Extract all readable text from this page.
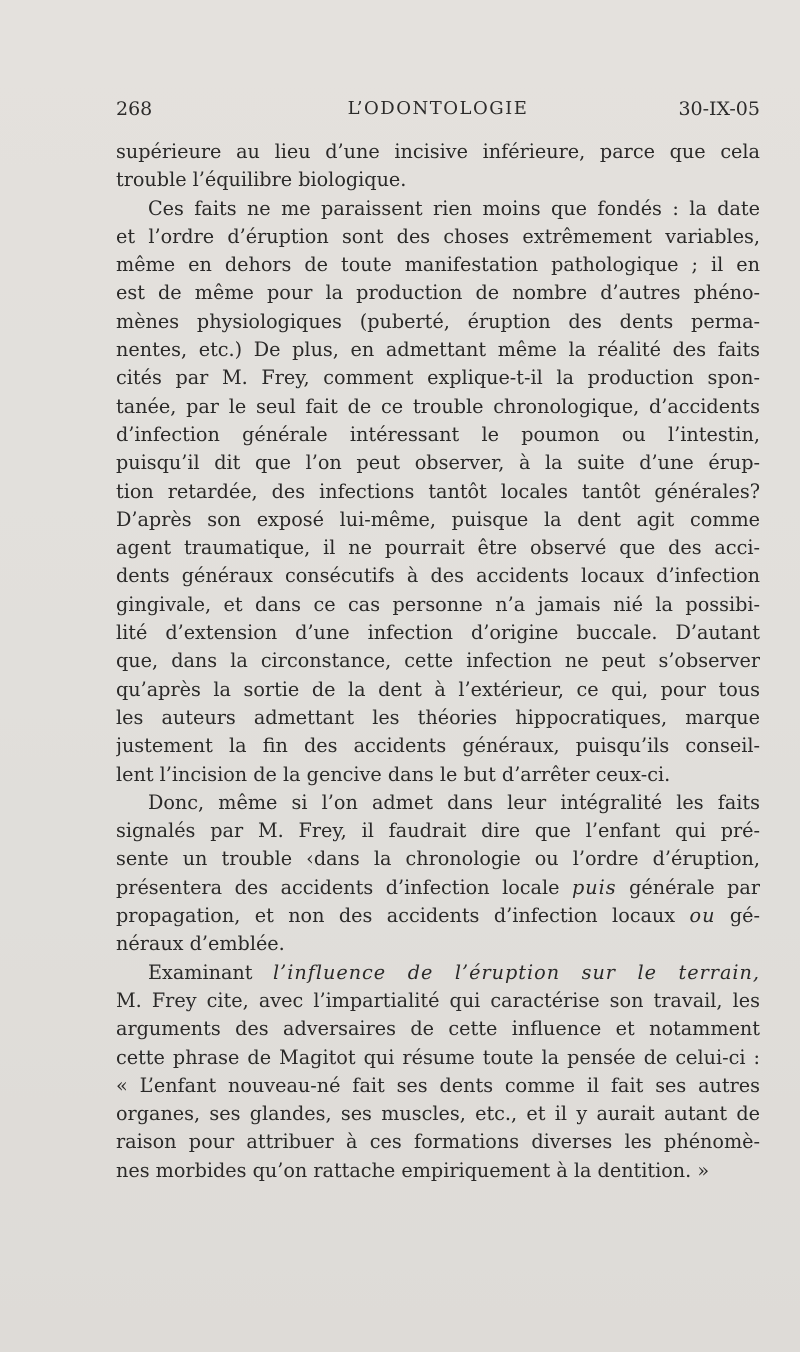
268	L’ODONTOLOGIE	30-IX-05
supérieure au lieu d’une incisive inférieure, parce que cela
trouble l’équilibre biologique.
Ces faits ne me paraissent rien moins que fondés : la date
et l’ordre d’éruption sont des choses extrêmement variables,
même en dehors de toute manifestation pathologique ; il en
est de même pour la production de nombre d’autres phéno-
mènes physiologiques (puberté, éruption des dents perma-
nentes, etc.) De plus, en admettant même la réalité des faits
cités par M. Frey, comment explique-t-il la production spon-
tanée, par le seul fait de ce trouble chronologique, d’accidents
d’infection générale intéressant le poumon ou l’intestin,
puisqu’il dit que l’on peut observer, à la suite d’une érup-
tion retardée, des infections tantôt locales tantôt générales?
D’après son exposé lui-même, puisque la dent agit comme
agent traumatique, il ne pourrait être observé que des acci-
dents généraux consécutifs à des accidents locaux d’infection
gingivale, et dans ce cas personne n’a jamais nié la possibi-
lité d’extension d’une infection d’origine buccale. D’autant
que, dans la circonstance, cette infection ne peut s’observer
qu’après la sortie de la dent à l’extérieur, ce qui, pour tous
les auteurs admettant les théories hippocratiques, marque
justement la fin des accidents généraux, puisqu’ils conseil-
lent l’incision de la gencive dans le but d’arrêter ceux-ci.
Donc, même si l’on admet dans leur intégralité les faits
signalés par M. Frey, il faudrait dire que l’enfant qui pré-
sente un trouble ‹dans la chronologie ou l’ordre d’éruption,
présentera des accidents d’infection locale puis générale par
propagation, et non des accidents d’infection locaux ou gé-
néraux d’emblée.
Examinant l’influence de l’éruption sur le terrain,
M. Frey cite, avec l’impartialité qui caractérise son travail, les
arguments des adversaires de cette influence et notamment
cette phrase de Magitot qui résume toute la pensée de celui-ci :
« L’enfant nouveau-né fait ses dents comme il fait ses autres
organes, ses glandes, ses muscles, etc., et il y aurait autant de
raison pour attribuer à ces formations diverses les phénomè-
nes morbides qu’on rattache empiriquement à la dentition. »
